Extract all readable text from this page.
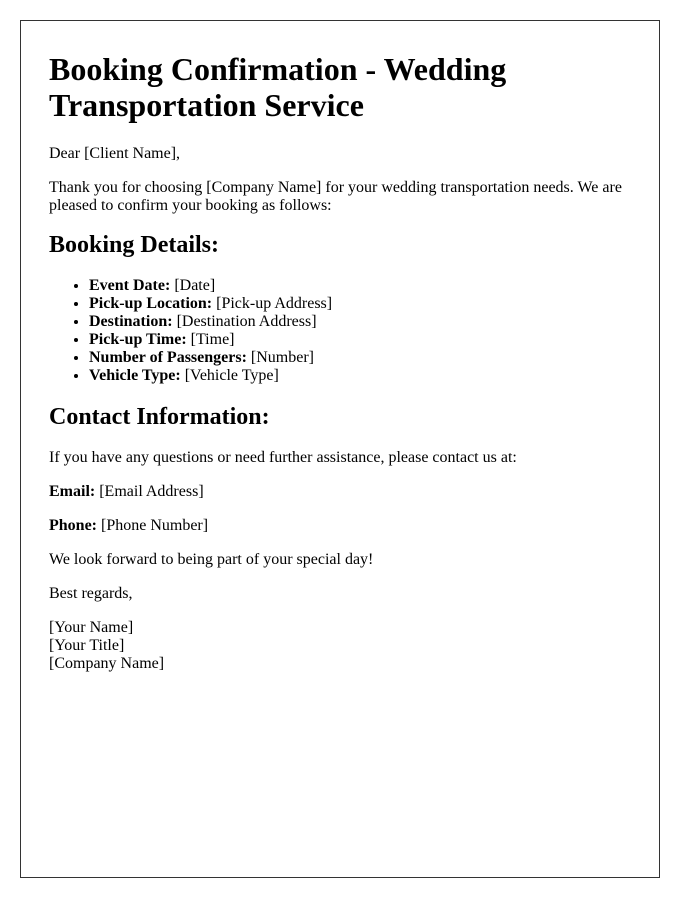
Booking Confirmation - Wedding Transportation Service

Dear [Client Name],

Thank you for choosing [Company Name] for your wedding transportation needs. We are pleased to confirm your booking as follows:

Booking Details:
• Event Date: [Date]
• Pick-up Location: [Pick-up Address]
• Destination: [Destination Address]
• Pick-up Time: [Time]
• Number of Passengers: [Number]
• Vehicle Type: [Vehicle Type]
Contact Information:

If you have any questions or need further assistance, please contact us at:

Email: [Email Address]

Phone: [Phone Number]

We look forward to being part of your special day!

Best regards,

[Your Name]
[Your Title]
[Company Name]
